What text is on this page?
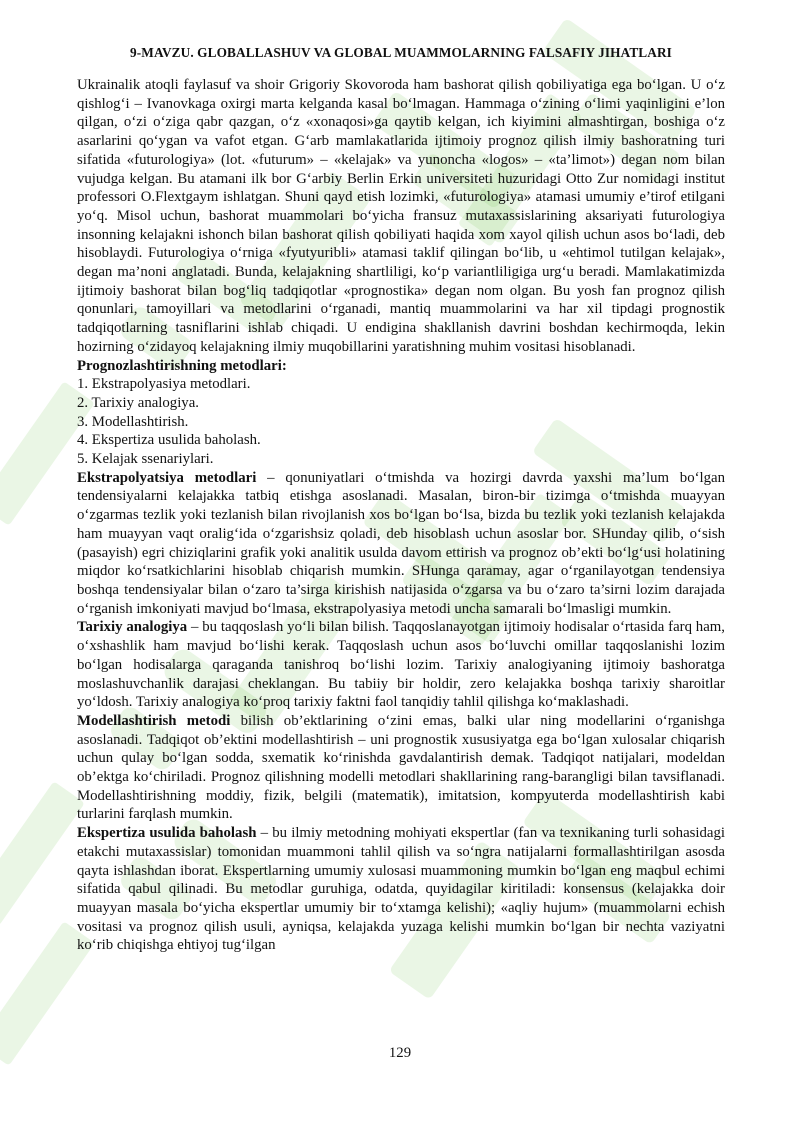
9-MAVZU. GLOBALLASHUV VA GLOBAL MUAMMOLARNING FALSAFIY JIHATLARI

Ukrainalik atoqli faylasuf va shoir Grigoriy Skovoroda ham bashorat qilish qobiliyatiga ega bo‘lgan. U o‘z qishlog‘i – Ivanovkaga oxirgi marta kelganda kasal bo‘lmagan. Hammaga o‘zining o‘limi yaqinligini e’lon qilgan, o‘zi o‘ziga qabr qazgan, o‘z «xonaqosi»ga qaytib kelgan, ich kiyimini almashtirgan, boshiga o‘z asarlarini qo‘ygan va vafot etgan. G‘arb mamlakatlarida ijtimoiy prognoz qilish ilmiy bashoratning turi sifatida «futurologiya» (lot. «futurum» – «kelajak» va yunoncha «logos» – «ta’limot») degan nom bilan vujudga kelgan. Bu atamani ilk bor G‘arbiy Berlin Erkin universiteti huzuridagi Otto Zur nomidagi institut professori O.Flextgaym ishlatgan. Shuni qayd etish lozimki, «futurologiya» atamasi umumiy e’tirof etilgani yo‘q. Misol uchun, bashorat muammolari bo‘yicha fransuz mutaxassislarining aksariyati futurologiya insonning kelajakni ishonch bilan bashorat qilish qobiliyati haqida xom xayol qilish uchun asos bo‘ladi, deb hisoblaydi. Futurologiya o‘rniga «fyutyuribli» atamasi taklif qilingan bo‘lib, u «ehtimol tutilgan kelajak», degan ma’noni anglatadi. Bunda, kelajakning shartliligi, ko‘p variantliligiga urg‘u beradi. Mamlakatimizda ijtimoiy bashorat bilan bog‘liq tadqiqotlar «prognostika» degan nom olgan. Bu yosh fan prognoz qilish qonunlari, tamoyillari va metodlarini o‘rganadi, mantiq muammolarini va har xil tipdagi prognostik tadqiqotlarning tasniflarini ishlab chiqadi. U endigina shakllanish davrini boshdan kechirmoqda, lekin hozirning o‘zidayoq kelajakning ilmiy muqobillarini yaratishning muhim vositasi hisoblanadi.

Prognozlashtirishning metodlari:

1. Ekstrapolyasiya metodlari.

2. Tarixiy analogiya.

3. Modellashtirish.

4. Ekspertiza usulida baholash.

5. Kelajak ssenariylari.

Ekstrapolyatsiya metodlari – qonuniyatlari o‘tmishda va hozirgi davrda yaxshi ma’lum bo‘lgan tendensiyalarni kelajakka tatbiq etishga asoslanadi. Masalan, biron-bir tizimga o‘tmishda muayyan o‘zgarmas tezlik yoki tezlanish bilan rivojlanish xos bo‘lgan bo‘lsa, bizda bu tezlik yoki tezlanish kelajakda ham muayyan vaqt oralig‘ida o‘zgarishsiz qoladi, deb hisoblash uchun asoslar bor. SHunday qilib, o‘sish (pasayish) egri chiziqlarini grafik yoki analitik usulda davom ettirish va prognoz ob’ekti bo‘lg‘usi holatining miqdor ko‘rsatkichlarini hisoblab chiqarish mumkin. SHunga qaramay, agar o‘rganilayotgan tendensiya boshqa tendensiyalar bilan o‘zaro ta’sirga kirishish natijasida o‘zgarsa va bu o‘zaro ta’sirni lozim darajada o‘rganish imkoniyati mavjud bo‘lmasa, ekstrapolyasiya metodi uncha samarali bo‘lmasligi mumkin.

Tarixiy analogiya – bu taqqoslash yo‘li bilan bilish. Taqqoslanayotgan ijtimoiy hodisalar o‘rtasida farq ham, o‘xshashlik ham mavjud bo‘lishi kerak. Taqqoslash uchun asos bo‘luvchi omillar taqqoslanishi lozim bo‘lgan hodisalarga qaraganda tanishroq bo‘lishi lozim. Tarixiy analogiyaning ijtimoiy bashoratga moslashuvchanlik darajasi cheklangan. Bu tabiiy bir holdir, zero kelajakka boshqa tarixiy sharoitlar yo‘ldosh. Tarixiy analogiya ko‘proq tarixiy faktni faol tanqidiy tahlil qilishga ko‘maklashadi.

Modellashtirish metodi bilish ob’ektlarining o‘zini emas, balki ular ning modellarini o‘rganishga asoslanadi. Tadqiqot ob’ektini modellashtirish – uni prognostik xususiyatga ega bo‘lgan xulosalar chiqarish uchun qulay bo‘lgan sodda, sxematik ko‘rinishda gavdalantirish demak. Tadqiqot natijalari, modeldan ob’ektga ko‘chiriladi. Prognoz qilishning modelli metodlari shakllarining rang-barangligi bilan tavsiflanadi. Modellashtirishning moddiy, fizik, belgili (matematik), imitatsion, kompyuterda modellashtirish kabi turlarini farqlash mumkin.

Ekspertiza usulida baholash – bu ilmiy metodning mohiyati ekspertlar (fan va texnikaning turli sohasidagi etakchi mutaxassislar) tomonidan muammoni tahlil qilish va so‘ngra natijalarni formallashtirilgan asosda qayta ishlashdan iborat. Ekspertlarning umumiy xulosasi muammoning mumkin bo‘lgan eng maqbul echimi sifatida qabul qilinadi. Bu metodlar guruhiga, odatda, quyidagilar kiritiladi: konsensus (kelajakka doir muayyan masala bo‘yicha ekspertlar umumiy bir to‘xtamga kelishi); «aqliy hujum» (muammolarni echish vositasi va prognoz qilish usuli, ayniqsa, kelajakda yuzaga kelishi mumkin bo‘lgan bir nechta vaziyatni ko‘rib chiqishga ehtiyoj tug‘ilgan

129
